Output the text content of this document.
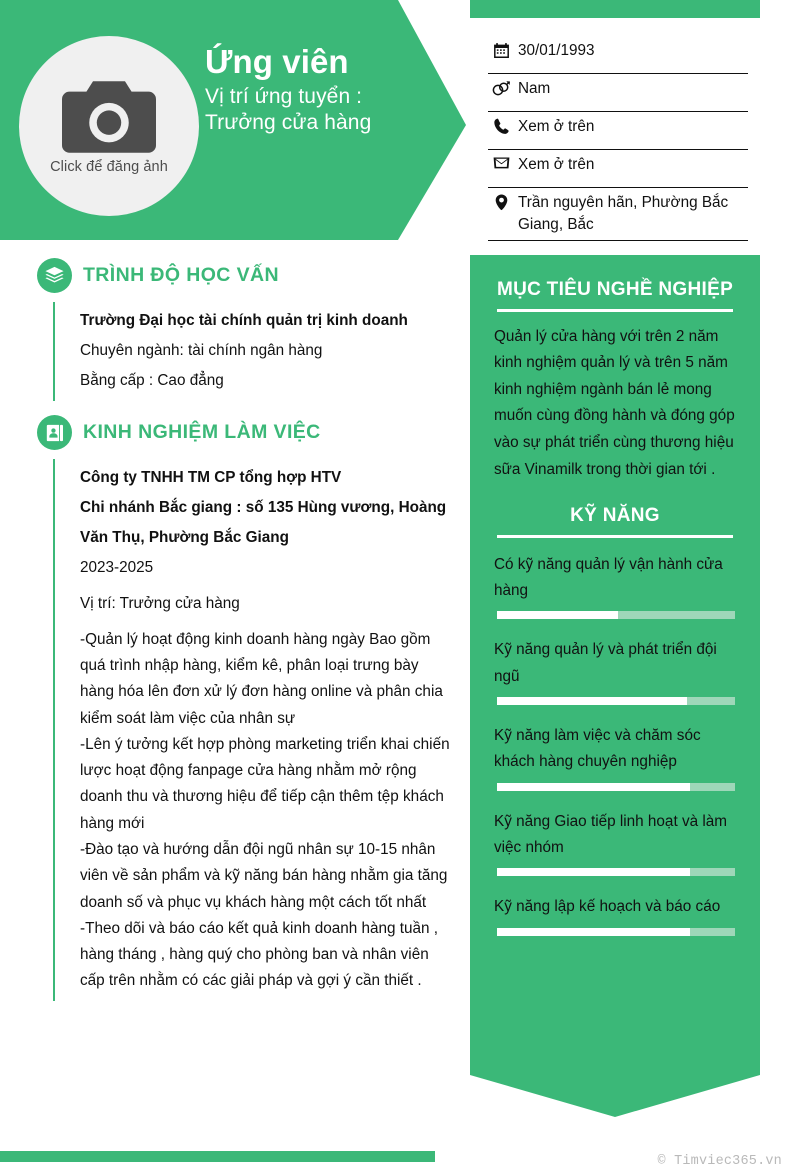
Click để đăng ảnh

Ứng viên

Vị trí ứng tuyển :

Trưởng cửa hàng

30/01/1993
Nam
Xem ở trên
Xem ở trên
Trần nguyên hãn, Phường Bắc Giang, Bắc
MỤC TIÊU NGHỀ NGHIỆP

Quản lý cửa hàng với trên 2 năm kinh nghiệm quản lý và trên 5 năm kinh nghiệm ngành bán lẻ mong muốn cùng đồng hành và đóng góp vào sự phát triển cùng thương hiệu sữa Vinamilk trong thời gian tới .

KỸ NĂNG

Có kỹ năng quản lý vận hành cửa hàng

Kỹ năng quản lý và phát triển đội ngũ

Kỹ năng làm việc và chăm sóc khách hàng chuyên nghiệp

Kỹ năng Giao tiếp linh hoạt và làm việc nhóm

Kỹ năng lập kế hoạch và báo cáo

TRÌNH ĐỘ HỌC VẤN

Trường Đại học tài chính quản trị kinh doanh

Chuyên ngành: tài chính ngân hàng

Bằng cấp : Cao đẳng

KINH NGHIỆM LÀM VIỆC

Công ty TNHH TM CP tổng hợp HTV

Chi nhánh Bắc giang : số 135 Hùng vương, Hoàng Văn Thụ, Phường Bắc Giang

2023-2025

Vị trí: Trưởng cửa hàng

-Quản lý hoạt động kinh doanh hàng ngày Bao gồm quá trình nhập hàng, kiểm kê, phân loại trưng bày hàng hóa lên đơn xử lý đơn hàng online và phân chia kiểm soát làm việc của nhân sự

-Lên ý tưởng kết hợp phòng marketing triển khai chiến lược hoạt động fanpage cửa hàng nhằm mở rộng doanh thu và thương hiệu để tiếp cận thêm tệp khách hàng mới

-Đào tạo và hướng dẫn đội ngũ nhân sự 10-15 nhân viên về sản phẩm và kỹ năng bán hàng nhằm gia tăng doanh số và phục vụ khách hàng một cách tốt nhất

-Theo dõi và báo cáo kết quả kinh doanh hàng tuần , hàng tháng , hàng quý cho phòng ban và nhân viên cấp trên nhằm có các giải pháp và gợi ý cần thiết .

© Timviec365.vn
